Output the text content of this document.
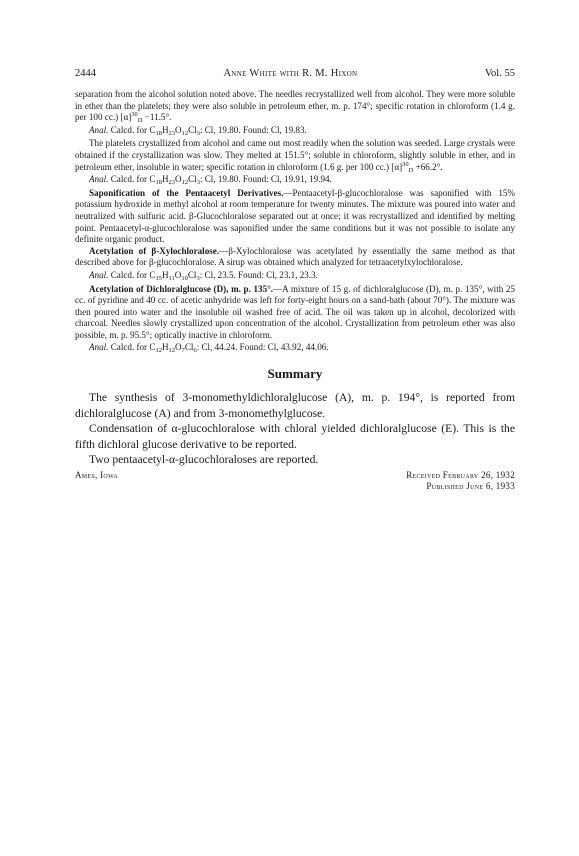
2444	Anne White with R. M. Hixon	Vol. 55

separation from the alcohol solution noted above. The needles recrystallized well from alcohol. They were more soluble in ether than the platelets; they were also soluble in petroleum ether, m. p. 174°; specific rotation in chloroform (1.4 g. per 100 cc.) $[\alpha]^{30}_D -11.5^\circ$.

Anal. Calcd. for $C_{18}H_{23}O_{12}Cl_3$: Cl, 19.80. Found: Cl, 19.83.

The platelets crystallized from alcohol and came out most readily when the solution was seeded. Large crystals were obtained if the crystallization was slow. They melted at 151.5°; soluble in chloroform, slightly soluble in ether, and in petroleum ether, insoluble in water; specific rotation in chloroform (1.6 g. per 100 cc.) $[\alpha]^{30}_D +66.2^\circ$.

Anal. Calcd. for $C_{18}H_{23}O_{12}Cl_3$: Cl, 19.80. Found: Cl, 19.91, 19.94.

Saponification of the Pentaacetyl Derivatives.—Pentaacetyl-β-glucochloralose was saponified with 15% potassium hydroxide in methyl alcohol at room temperature for twenty minutes. The mixture was poured into water and neutralized with sulfuric acid. β-Glucochloralose separated out at once; it was recrystallized and identified by melting point. Pentaacetyl-α-glucochloralose was saponified under the same conditions but it was not possible to isolate any definite organic product.

Acetylation of β-Xylochloralose.—β-Xylochloralose was acetylated by essentially the same method as that described above for β-glucochloralose. A sirup was obtained which analyzed for tetraacetylxylochloralose.

Anal. Calcd. for $C_{15}H_{11}O_{10}Cl_3$: Cl, 23.5. Found: Cl, 23.1, 23.3.

Acetylation of Dichloralglucose (D), m. p. 135°.—A mixture of 15 g. of dichloralglucose (D), m. p. 135°, with 25 cc. of pyridine and 40 cc. of acetic anhydride was left for forty-eight hours on a sand-bath (about 70°). The mixture was then poured into water and the insoluble oil washed free of acid. The oil was taken up in alcohol, decolorized with charcoal. Needles slowly crystallized upon concentration of the alcohol. Crystallization from petroleum ether was also possible, m. p. 95.5°; optically inactive in chloroform.

Anal. Calcd. for $C_{12}H_{12}O_7Cl_6$: Cl, 44.24. Found: Cl, 43.92, 44.06.

Summary

The synthesis of 3-monomethyldichloralglucose (A), m. p. 194°, is reported from dichloralglucose (A) and from 3-monomethylglucose.

Condensation of α-glucochloralose with chloral yielded dichloralglucose (E). This is the fifth dichloral glucose derivative to be reported.

Two pentaacetyl-α-glucochloraloses are reported.

Ames, Iowa	Received February 26, 1932
Published June 6, 1933
